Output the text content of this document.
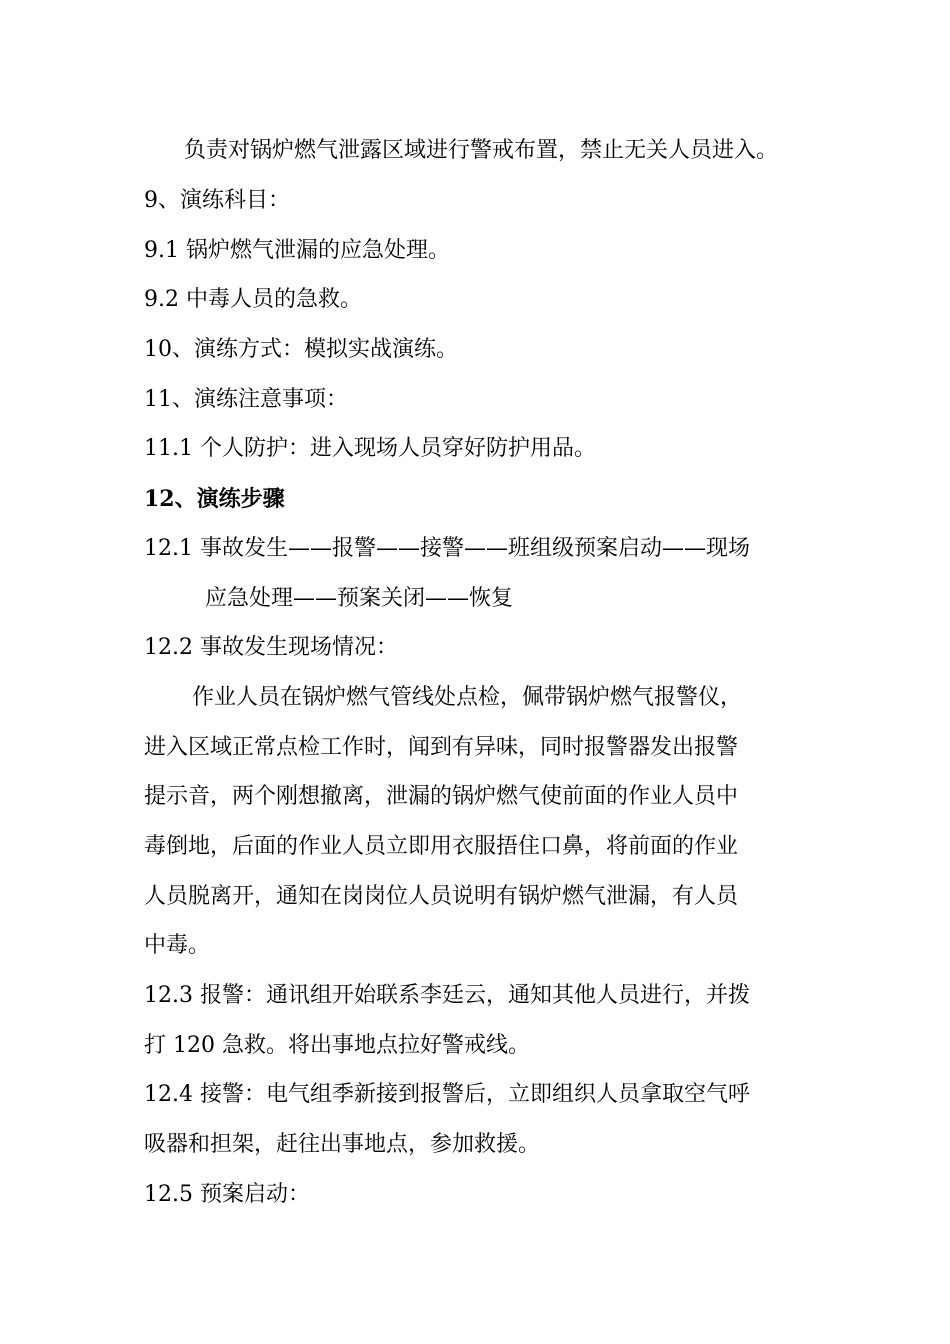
负责对锅炉燃气泄露区域进行警戒布置，禁止无关人员进入。
9、演练科目：
9.1 锅炉燃气泄漏的应急处理。
9.2 中毒人员的急救。
10、演练方式：模拟实战演练。
11、演练注意事项：
11.1 个人防护：进入现场人员穿好防护用品。
12、演练步骤
12.1 事故发生——报警——接警——班组级预案启动——现场
应急处理——预案关闭——恢复
12.2 事故发生现场情况：
作业人员在锅炉燃气管线处点检，佩带锅炉燃气报警仪，
进入区域正常点检工作时，闻到有异味，同时报警器发出报警
提示音，两个刚想撤离，泄漏的锅炉燃气使前面的作业人员中
毒倒地，后面的作业人员立即用衣服捂住口鼻，将前面的作业
人员脱离开，通知在岗岗位人员说明有锅炉燃气泄漏，有人员
中毒。
12.3 报警：通讯组开始联系李廷云，通知其他人员进行，并拨
打 120 急救。将出事地点拉好警戒线。
12.4 接警：电气组季新接到报警后，立即组织人员拿取空气呼
吸器和担架，赶往出事地点，参加救援。
12.5 预案启动：
